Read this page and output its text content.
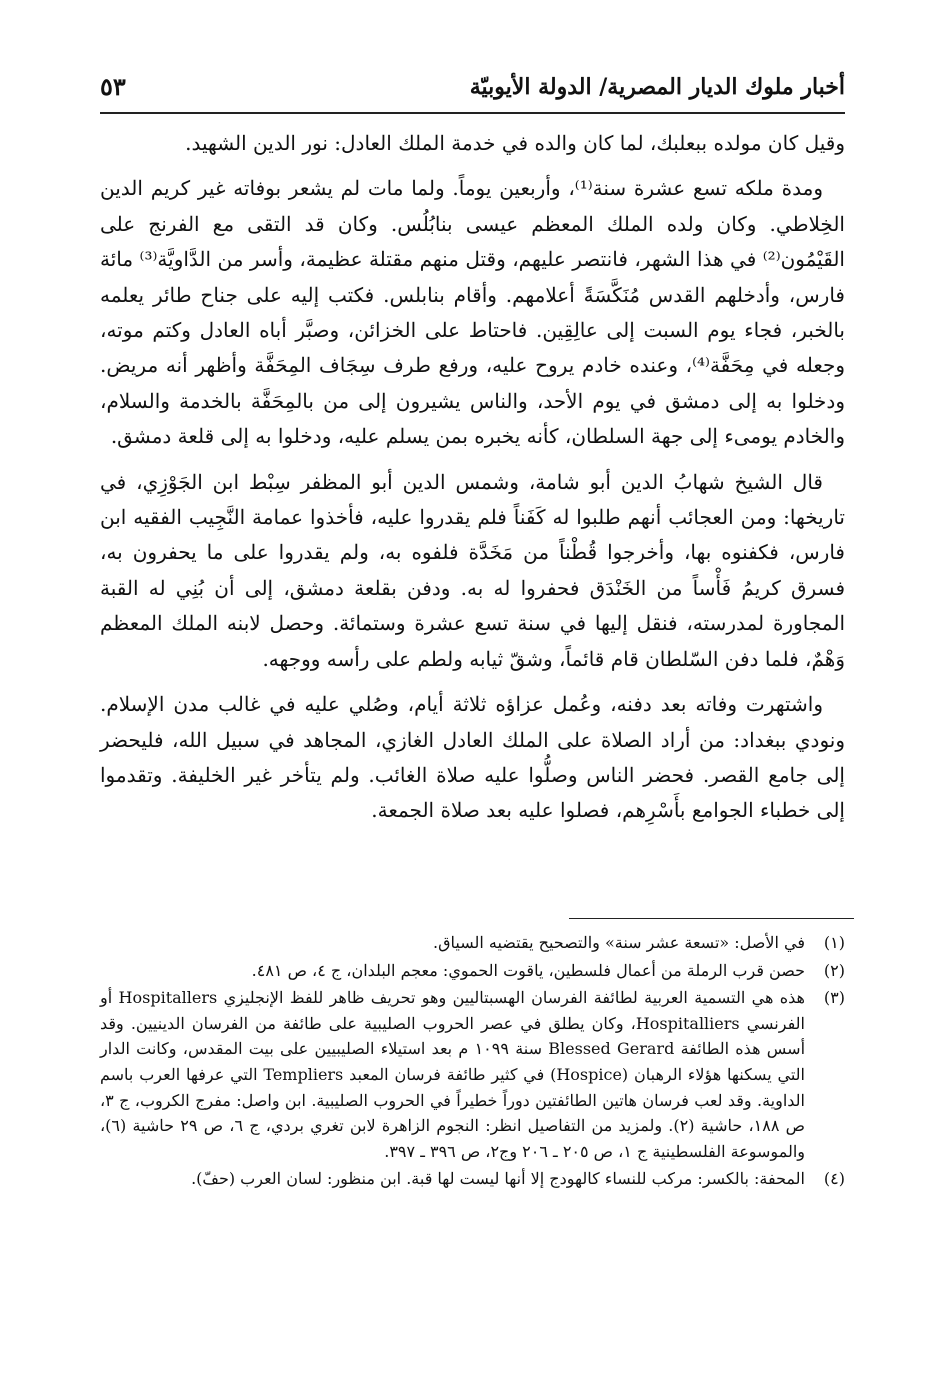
أخبار ملوك الديار المصرية/ الدولة الأيوبيّة
٥٣

وقيل كان مولده ببعلبك، لما كان والده في خدمة الملك العادل: نور الدين الشهيد.

ومدة ملكه تسع عشرة سنة⁽¹⁾، وأربعين يوماً. ولما مات لم يشعر بوفاته غير كريم الدين الخِلاطي. وكان ولده الملك المعظم عيسى بنابُلُس. وكان قد التقى مع الفرنج على القَيْمُون⁽²⁾ في هذا الشهر، فانتصر عليهم، وقتل منهم مقتلة عظيمة، وأسر من الدَّاويَّة⁽³⁾ مائة فارس، وأدخلهم القدس مُنَكَّسَةً أعلامهم. وأقام بنابلس. فكتب إليه على جناح طائر يعلمه بالخبر، فجاء يوم السبت إلى عالِقِين. فاحتاط على الخزائن، وصبَّر أباه العادل وكتم موته، وجعله في مِحَفَّة⁽⁴⁾، وعنده خادم يروح عليه، ورفع طرف سِجَاف المِحَفَّة وأظهر أنه مريض. ودخلوا به إلى دمشق في يوم الأحد، والناس يشيرون إلى من بالمِحَفَّة بالخدمة والسلام، والخادم يومىء إلى جهة السلطان، كأنه يخبره بمن يسلم عليه، ودخلوا به إلى قلعة دمشق.

قال الشيخ شهابُ الدين أبو شامة، وشمس الدين أبو المظفر سِبْط ابن الجَوْزِي، في تاريخها: ومن العجائب أنهم طلبوا له كَفَناً فلم يقدروا عليه، فأخذوا عمامة النَّجِيب الفقيه ابن فارس، فكفنوه بها، وأخرجوا قُطْناً من مَخَدَّة فلفوه به، ولم يقدروا على ما يحفرون به، فسرق كريمُ فَأْساً من الخَنْدَق فحفروا له به. ودفن بقلعة دمشق، إلى أن بُنِي له القبة المجاورة لمدرسته، فنقل إليها في سنة تسع عشرة وستمائة. وحصل لابنه الملك المعظم وَهْمٌ، فلما دفن السّلطان قام قائماً، وشقّ ثيابه ولطم على رأسه ووجهه.

واشتهرت وفاته بعد دفنه، وعُمل عزاؤه ثلاثة أيام، وصُلي عليه في غالب مدن الإسلام. ونودي ببغداد: من أراد الصلاة على الملك العادل الغازي، المجاهد في سبيل الله، فليحضر إلى جامع القصر. فحضر الناس وصلُّوا عليه صلاة الغائب. ولم يتأخر غير الخليفة. وتقدموا إلى خطباء الجوامع بأَسْرِهم، فصلوا عليه بعد صلاة الجمعة.

(١)
في الأصل: «تسعة عشر سنة» والتصحيح يقتضيه السياق.
(٢)
حصن قرب الرملة من أعمال فلسطين، ياقوت الحموي: معجم البلدان، ج ٤، ص ٤٨١.
(٣)
هذه هي التسمية العربية لطائفة الفرسان الهسبتاليين وهو تحريف ظاهر للفظ الإنجليزي Hospitallers أو الفرنسي Hospitalliers، وكان يطلق في عصر الحروب الصليبية على طائفة من الفرسان الدينيين. وقد أسس هذه الطائفة Blessed Gerard سنة ١٠٩٩ م بعد استيلاء الصليبيين على بيت المقدس، وكانت الدار التي يسكنها هؤلاء الرهبان (Hospice) في كثير طائفة فرسان المعبد Templiers التي عرفها العرب باسم الداوية. وقد لعب فرسان هاتين الطائفتين دوراً خطيراً في الحروب الصليبية. ابن واصل: مفرج الكروب، ج ٣، ص ١٨٨، حاشية (٢). ولمزيد من التفاصيل انظر: النجوم الزاهرة لابن تغري بردي، ج ٦، ص ٢٩ حاشية (٦)، والموسوعة الفلسطينية ج ١، ص ٢٠٥ ـ ٢٠٦ وج٢، ص ٣٩٦ ـ ٣٩٧.
(٤)
المحفة: بالكسر: مركب للنساء كالهودج إلا أنها ليست لها قبة. ابن منظور: لسان العرب (حفّ).
